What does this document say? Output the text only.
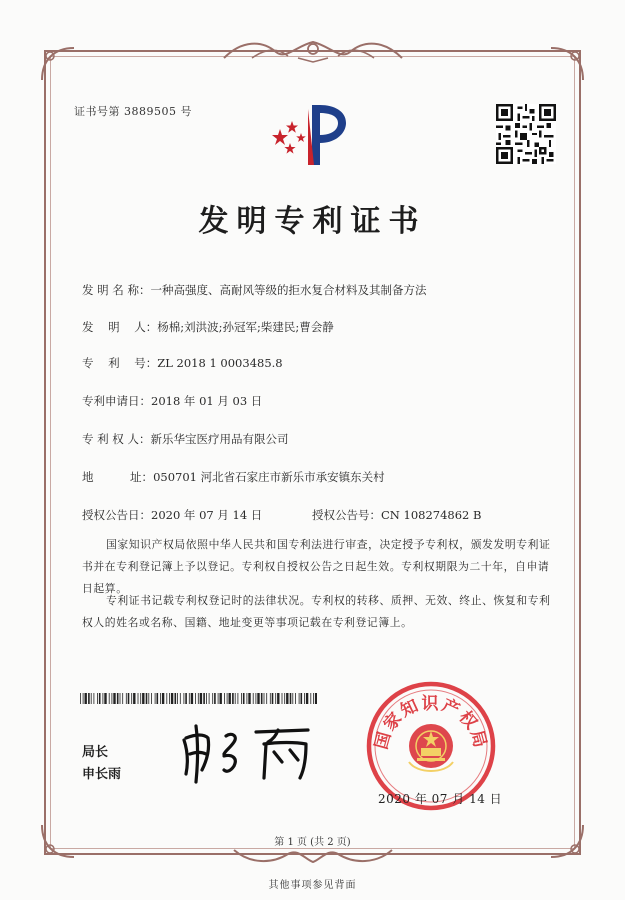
证书号第 3889505 号
发明专利证书
发 明 名 称：一种高强度、高耐风等级的拒水复合材料及其制备方法
发    明    人：杨棉;刘洪波;孙冠军;柴建民;曹会静
专    利    号：ZL 2018 1 0003485.8
专利申请日：2018 年 01 月 03 日
专 利 权 人：新乐华宝医疗用品有限公司
地          址：050701 河北省石家庄市新乐市承安镇东关村
授权公告日：2020 年 07 月 14 日	授权公告号：CN 108274862 B
国家知识产权局依照中华人民共和国专利法进行审查，决定授予专利权，颁发发明专利证书并在专利登记簿上予以登记。专利权自授权公告之日起生效。专利权期限为二十年，自申请日起算。
专利证书记载专利权登记时的法律状况。专利权的转移、质押、无效、终止、恢复和专利权人的姓名或名称、国籍、地址变更等事项记载在专利登记簿上。
局长
申长雨
国家知识产权局
2020 年 07 月 14 日
第 1 页 (共 2 页)
其他事项参见背面
